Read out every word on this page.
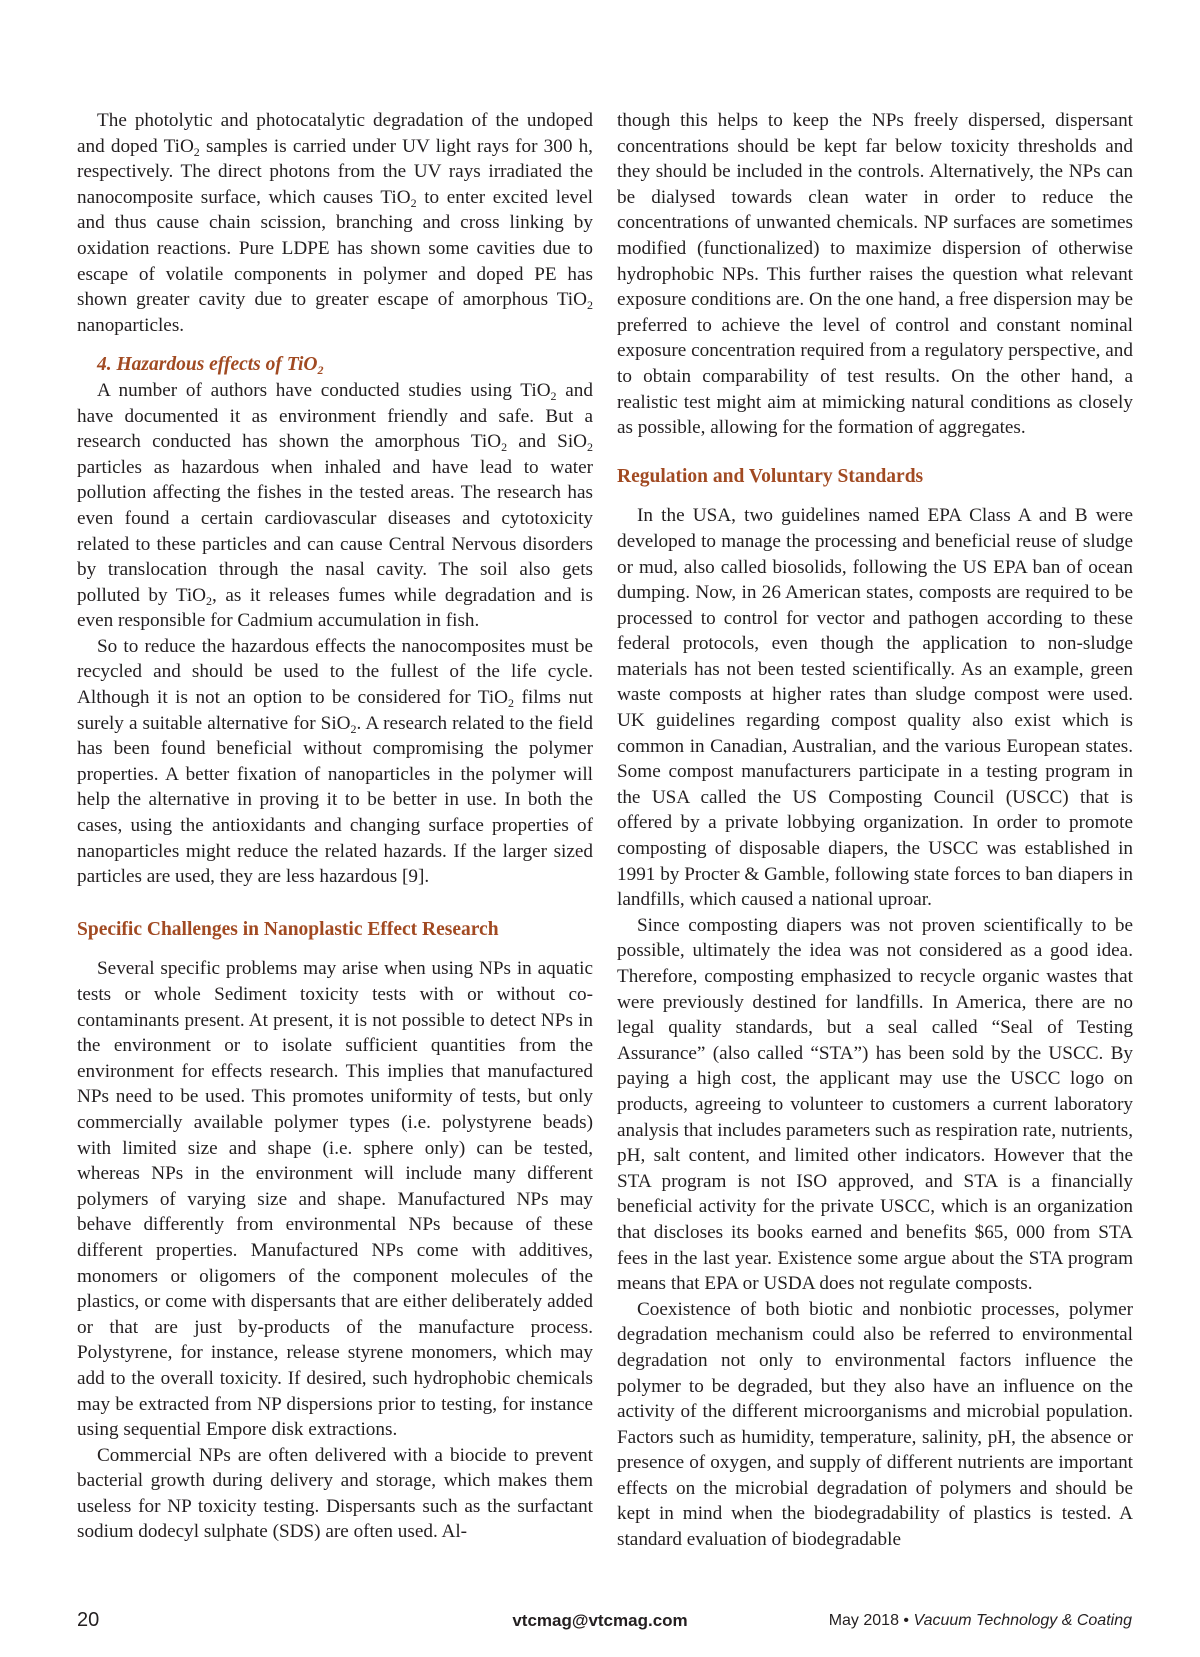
The photolytic and photocatalytic degradation of the undoped and doped TiO$_2$ samples is carried under UV light rays for 300 h, respectively. The direct photons from the UV rays irradiated the nanocomposite surface, which causes TiO$_2$ to enter excited level and thus cause chain scission, branching and cross linking by oxidation reactions. Pure LDPE has shown some cavities due to escape of volatile components in polymer and doped PE has shown greater cavity due to greater escape of amorphous TiO$_2$ nanoparticles.

4. Hazardous effects of TiO$_2$

A number of authors have conducted studies using TiO$_2$ and have documented it as environment friendly and safe. But a research conducted has shown the amorphous TiO$_2$ and SiO$_2$ particles as hazardous when inhaled and have lead to water pollution affecting the fishes in the tested areas. The research has even found a certain cardiovascular diseases and cytotoxicity related to these particles and can cause Central Nervous disorders by translocation through the nasal cavity. The soil also gets polluted by TiO$_2$, as it releases fumes while degradation and is even responsible for Cadmium accumulation in fish.

So to reduce the hazardous effects the nanocomposites must be recycled and should be used to the fullest of the life cycle. Although it is not an option to be considered for TiO$_2$ films nut surely a suitable alternative for SiO$_2$. A research related to the field has been found beneficial without compromising the polymer properties. A better fixation of nanoparticles in the polymer will help the alternative in proving it to be better in use. In both the cases, using the antioxidants and changing surface properties of nanoparticles might reduce the related hazards. If the larger sized particles are used, they are less hazardous [9].

Specific Challenges in Nanoplastic Effect Research

Several specific problems may arise when using NPs in aquatic tests or whole Sediment toxicity tests with or without co-contaminants present. At present, it is not possible to detect NPs in the environment or to isolate sufficient quantities from the environment for effects research. This implies that manufactured NPs need to be used. This promotes uniformity of tests, but only commercially available polymer types (i.e. polystyrene beads) with limited size and shape (i.e. sphere only) can be tested, whereas NPs in the environment will include many different polymers of varying size and shape. Manufactured NPs may behave differently from environmental NPs because of these different properties. Manufactured NPs come with additives, monomers or oligomers of the component molecules of the plastics, or come with dispersants that are either deliberately added or that are just by-products of the manufacture process. Polystyrene, for instance, release styrene monomers, which may add to the overall toxicity. If desired, such hydrophobic chemicals may be extracted from NP dispersions prior to testing, for instance using sequential Empore disk extractions.

Commercial NPs are often delivered with a biocide to prevent bacterial growth during delivery and storage, which makes them useless for NP toxicity testing. Dispersants such as the surfactant sodium dodecyl sulphate (SDS) are often used. Al-

though this helps to keep the NPs freely dispersed, dispersant concentrations should be kept far below toxicity thresholds and they should be included in the controls. Alternatively, the NPs can be dialysed towards clean water in order to reduce the concentrations of unwanted chemicals. NP surfaces are sometimes modified (functionalized) to maximize dispersion of otherwise hydrophobic NPs. This further raises the question what relevant exposure conditions are. On the one hand, a free dispersion may be preferred to achieve the level of control and constant nominal exposure concentration required from a regulatory perspective, and to obtain comparability of test results. On the other hand, a realistic test might aim at mimicking natural conditions as closely as possible, allowing for the formation of aggregates.

Regulation and Voluntary Standards

In the USA, two guidelines named EPA Class A and B were developed to manage the processing and beneficial reuse of sludge or mud, also called biosolids, following the US EPA ban of ocean dumping. Now, in 26 American states, composts are required to be processed to control for vector and pathogen according to these federal protocols, even though the application to non-sludge materials has not been tested scientifically. As an example, green waste composts at higher rates than sludge compost were used. UK guidelines regarding compost quality also exist which is common in Canadian, Australian, and the various European states. Some compost manufacturers participate in a testing program in the USA called the US Composting Council (USCC) that is offered by a private lobbying organization. In order to promote composting of disposable diapers, the USCC was established in 1991 by Procter & Gamble, following state forces to ban diapers in landfills, which caused a national uproar.

Since composting diapers was not proven scientifically to be possible, ultimately the idea was not considered as a good idea. Therefore, composting emphasized to recycle organic wastes that were previously destined for landfills. In America, there are no legal quality standards, but a seal called “Seal of Testing Assurance” (also called “STA”) has been sold by the USCC. By paying a high cost, the applicant may use the USCC logo on products, agreeing to volunteer to customers a current laboratory analysis that includes parameters such as respiration rate, nutrients, pH, salt content, and limited other indicators. However that the STA program is not ISO approved, and STA is a financially beneficial activity for the private USCC, which is an organization that discloses its books earned and benefits $65, 000 from STA fees in the last year. Existence some argue about the STA program means that EPA or USDA does not regulate composts.

Coexistence of both biotic and nonbiotic processes, polymer degradation mechanism could also be referred to environmental degradation not only to environmental factors influence the polymer to be degraded, but they also have an influence on the activity of the different microorganisms and microbial population. Factors such as humidity, temperature, salinity, pH, the absence or presence of oxygen, and supply of different nutrients are important effects on the microbial degradation of polymers and should be kept in mind when the biodegradability of plastics is tested. A standard evaluation of biodegradable

20	vtcmag@vtcmag.com	May 2018 • Vacuum Technology & Coating
